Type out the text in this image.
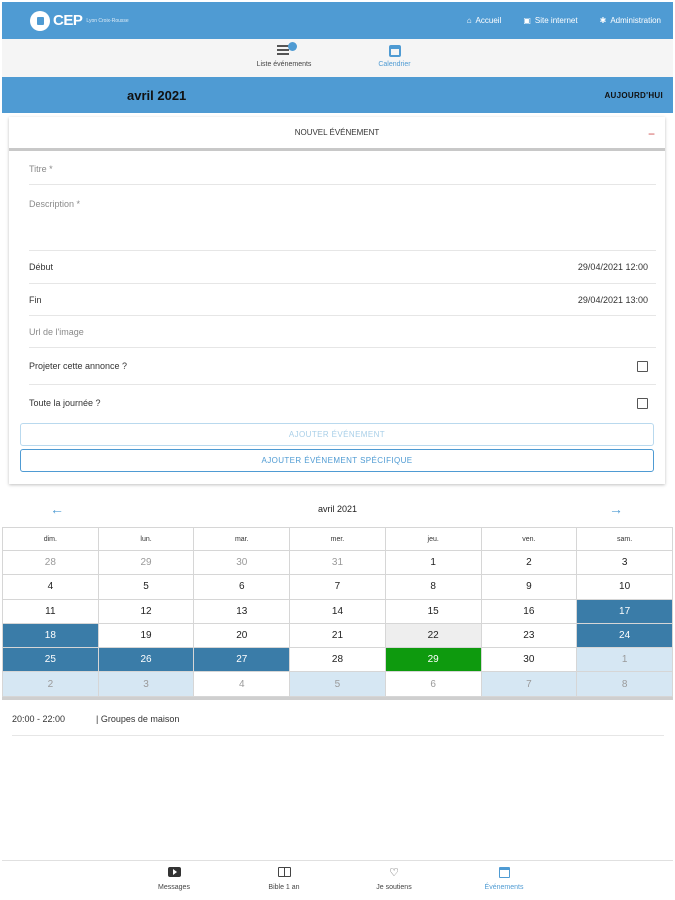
CEP Lyon Croix-Rousse	⌂ Accueil	▣ Site internet	✱ Administration
Liste événements	Calendrier
avril 2021	AUJOURD'HUI
NOUVEL ÉVÉNEMENT	−
Titre *
Description *
Début	29/04/2021 12:00
Fin	29/04/2021 13:00
Url de l'image
Projeter cette annonce ?
Toute la journée ?
AJOUTER ÉVÉNEMENT
AJOUTER ÉVÉNEMENT SPÉCIFIQUE
←	avril 2021	→
dim.	lun.	mar.	mer.	jeu.	ven.	sam.
28	29	30	31	1	2	3
4	5	6	7	8	9	10
11	12	13	14	15	16	17
18	19	20	21	22	23	24
25	26	27	28	29	30	1
2	3	4	5	6	7	8
20:00 - 22:00	| Groupes de maison
Messages	Bible 1 an
♡
Je soutiens	Événements
